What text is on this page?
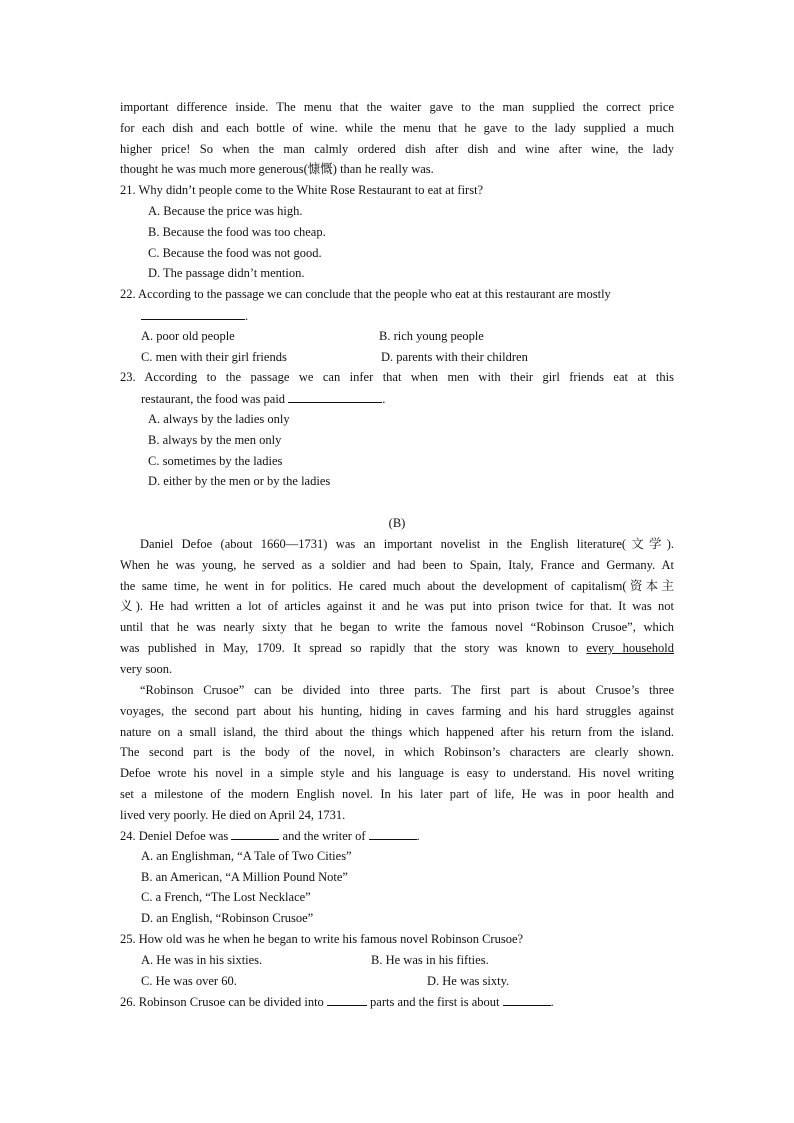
important difference inside. The menu that the waiter gave to the man supplied the correct price
for each dish and each bottle of wine. while the menu that he gave to the lady supplied a much
higher price! So when the man calmly ordered dish after dish and wine after wine, the lady
thought he was much more generous(慷慨) than he really was.
21. Why didn’t people come to the White Rose Restaurant to eat at first?
A. Because the price was high.
B. Because the food was too cheap.
C. Because the food was not good.
D. The passage didn’t mention.
22. According to the passage we can conclude that the people who eat at this restaurant are mostly
.
A. poor old people	B. rich young people
C. men with their girl friends	D. parents with their children
23. According to the passage we can infer that when men with their girl friends eat at this
restaurant, the food was paid	.
A. always by the ladies only
B. always by the men only
C. sometimes by the ladies
D. either by the men or by the ladies
(B)
Daniel Defoe (about 1660—1731) was an important novelist in the English literature(文学).
When he was young, he served as a soldier and had been to Spain, Italy, France and Germany. At
the same time, he went in for politics. He cared much about the development of capitalism(资本主
义). He had written a lot of articles against it and he was put into prison twice for that. It was not
until that he was nearly sixty that he began to write the famous novel “Robinson Crusoe”, which
was published in May, 1709. It spread so rapidly that the story was known to every household
very soon.
“Robinson Crusoe” can be divided into three parts. The first part is about Crusoe’s three
voyages, the second part about his hunting, hiding in caves farming and his hard struggles against
nature on a small island, the third about the things which happened after his return from the island.
The second part is the body of the novel, in which Robinson’s characters are clearly shown.
Defoe wrote his novel in a simple style and his language is easy to understand. His novel writing
set a milestone of the modern English novel. In his later part of life, He was in poor health and
lived very poorly. He died on April 24, 1731.
24. Deniel Defoe was	and the writer of	.
A. an Englishman, “A Tale of Two Cities”
B. an American, “A Million Pound Note”
C. a French, “The Lost Necklace”
D. an English, “Robinson Crusoe”
25. How old was he when he began to write his famous novel Robinson Crusoe?
A. He was in his sixties.	B. He was in his fifties.
C. He was over 60.	D. He was sixty.
26. Robinson Crusoe can be divided into	parts and the first is about	.
